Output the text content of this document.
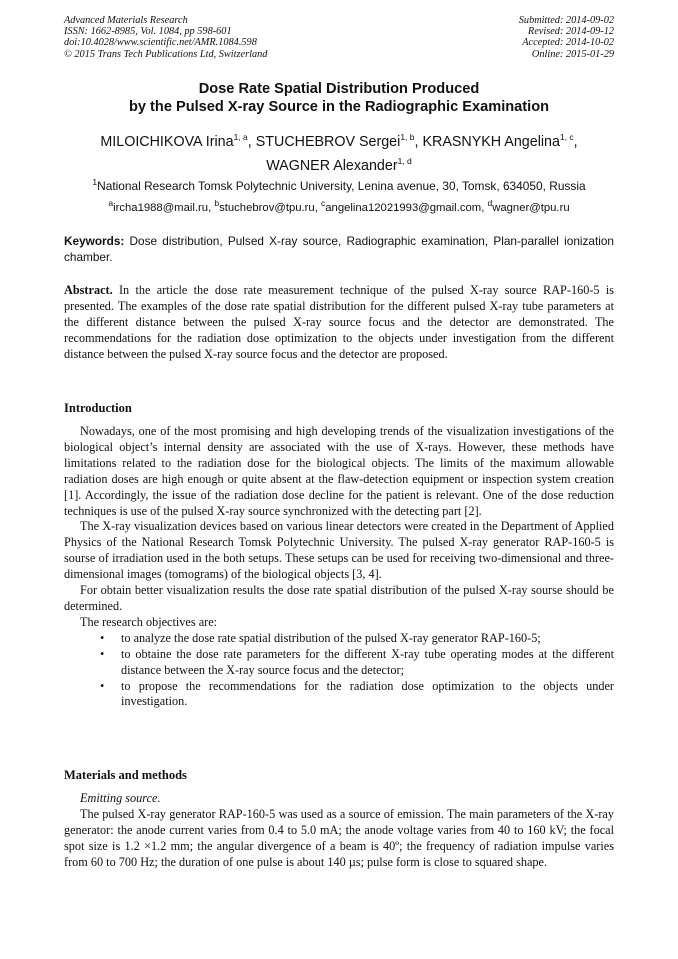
Advanced Materials Research
ISSN: 1662-8985, Vol. 1084, pp 598-601
doi:10.4028/www.scientific.net/AMR.1084.598
© 2015 Trans Tech Publications Ltd, Switzerland
Submitted: 2014-09-02
Revised: 2014-09-12
Accepted: 2014-10-02
Online: 2015-01-29
Dose Rate Spatial Distribution Produced
by the Pulsed X-ray Source in the Radiographic Examination
MILOICHIKOVA Irina$^{1, a}$, STUCHEBROV Sergei$^{1, b}$, KRASNYKH Angelina$^{1, c}$,
WAGNER Alexander$^{1, d}$
$^1$National Research Tomsk Polytechnic University, Lenina avenue, 30, Tomsk, 634050, Russia
$^a$ircha1988@mail.ru, $^b$stuchebrov@tpu.ru, $^c$angelina12021993@gmail.com, $^d$wagner@tpu.ru
Keywords: Dose distribution, Pulsed X-ray source, Radiographic examination, Plan-parallel ionization chamber.

Abstract. In the article the dose rate measurement technique of the pulsed X-ray source RAP-160-5 is presented. The examples of the dose rate spatial distribution for the different pulsed X-ray tube parameters at the different distance between the pulsed X-ray source focus and the detector are demonstrated. The recommendations for the radiation dose optimization to the objects under investigation from the different distance between the pulsed X-ray source focus and the detector are proposed.

Introduction

Nowadays, one of the most promising and high developing trends of the visualization investigations of the biological object’s internal density are associated with the use of X-rays. However, these methods have limitations related to the radiation dose for the biological objects. The limits of the maximum allowable radiation doses are high enough or quite absent at the flaw-detection equipment or inspection system creation [1]. Accordingly, the issue of the radiation dose decline for the patient is relevant. One of the dose reduction techniques is use of the pulsed X-ray source synchronized with the detecting part [2].

The X-ray visualization devices based on various linear detectors were created in the Department of Applied Physics of the National Research Tomsk Polytechnic University. The pulsed X-ray generator RAP-160-5 is sourse of irradiation used in the both setups. These setups can be used for receiving two-dimensional and three-dimensional images (tomograms) of the biological objects [3, 4].

For obtain better visualization results the dose rate spatial distribution of the pulsed X-ray sourse should be determined.

The research objectives are:

• to analyze the dose rate spatial distribution of the pulsed X-ray generator RAP-160-5;
• to obtaine the dose rate parameters for the different X-ray tube operating modes at the different distance between the X-ray source focus and the detector;
• to propose the recommendations for the radiation dose optimization to the objects under investigation.
Materials and methods
Emitting source.

The pulsed X-ray generator RAP-160-5 was used as a source of emission. The main parameters of the X-ray generator: the anode current varies from 0.4 to 5.0 mA; the anode voltage varies from 40 to 160 kV; the focal spot size is 1.2 ×1.2 mm; the angular divergence of a beam is 40º; the frequency of radiation impulse varies from 60 to 700 Hz; the duration of one pulse is about 140 µs; pulse form is close to squared shape.
